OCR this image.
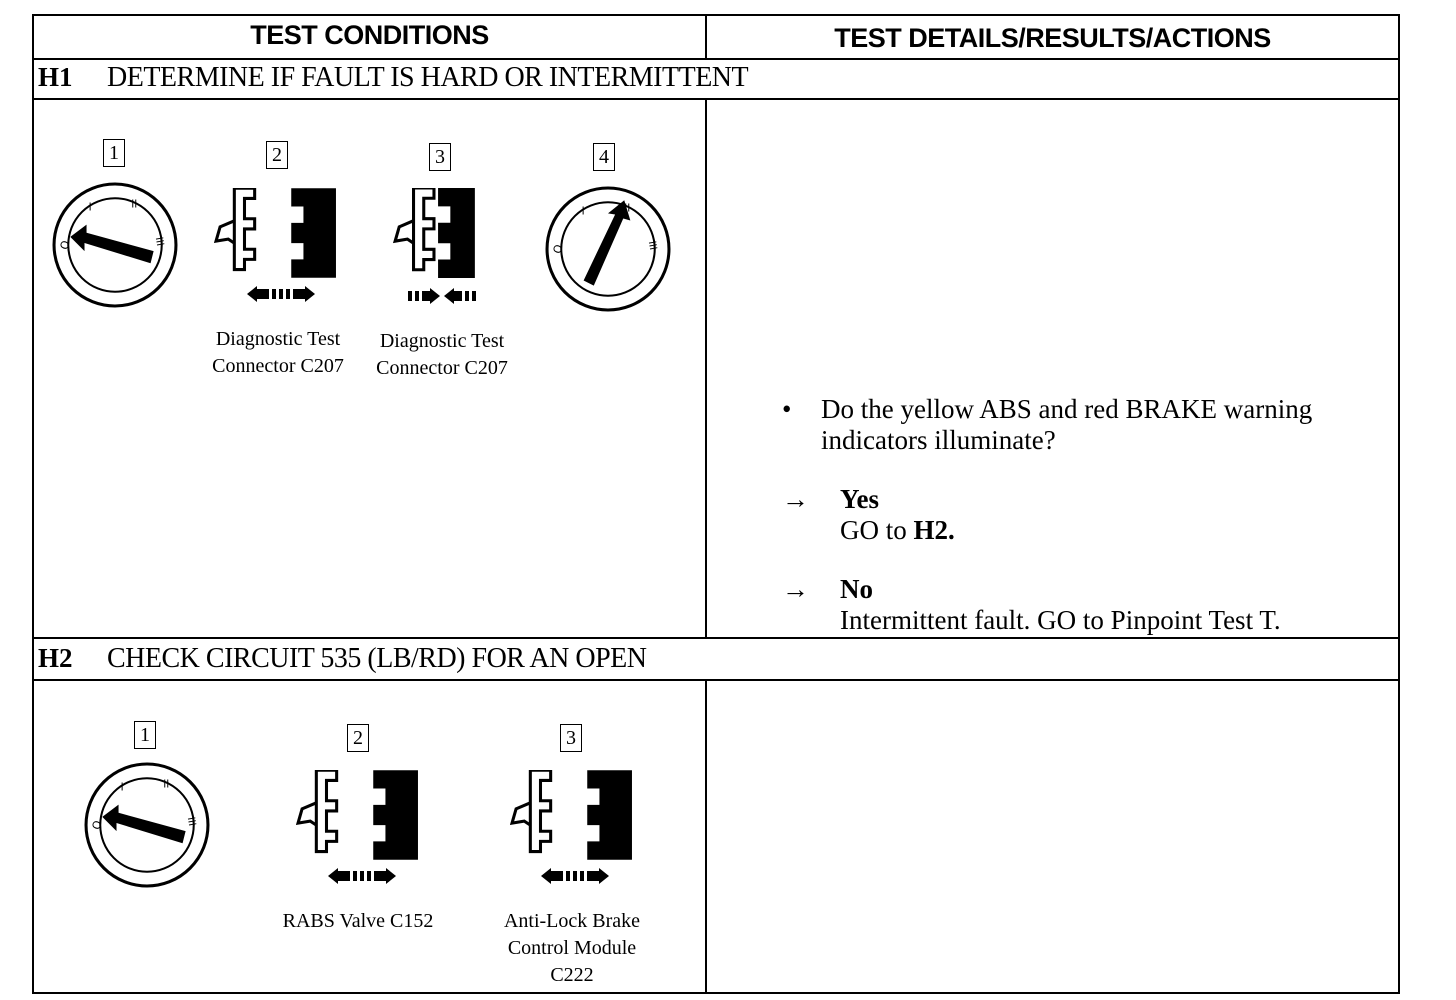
TEST CONDITIONS	TEST DETAILS/RESULTS/ACTIONS
H1 DETERMINE IF FAULT IS HARD OR INTERMITTENT
1	2	3	4
Diagnostic Test
Connector C207
Diagnostic Test
Connector C207
• Do the yellow ABS and red BRAKE warning
indicators illuminate?
→ Yes
GO to H2.
→ No
Intermittent fault. GO to Pinpoint Test T.
H2 CHECK CIRCUIT 535 (LB/RD) FOR AN OPEN
1	2	3
RABS Valve C152	Anti-Lock Brake
Control Module
C222
